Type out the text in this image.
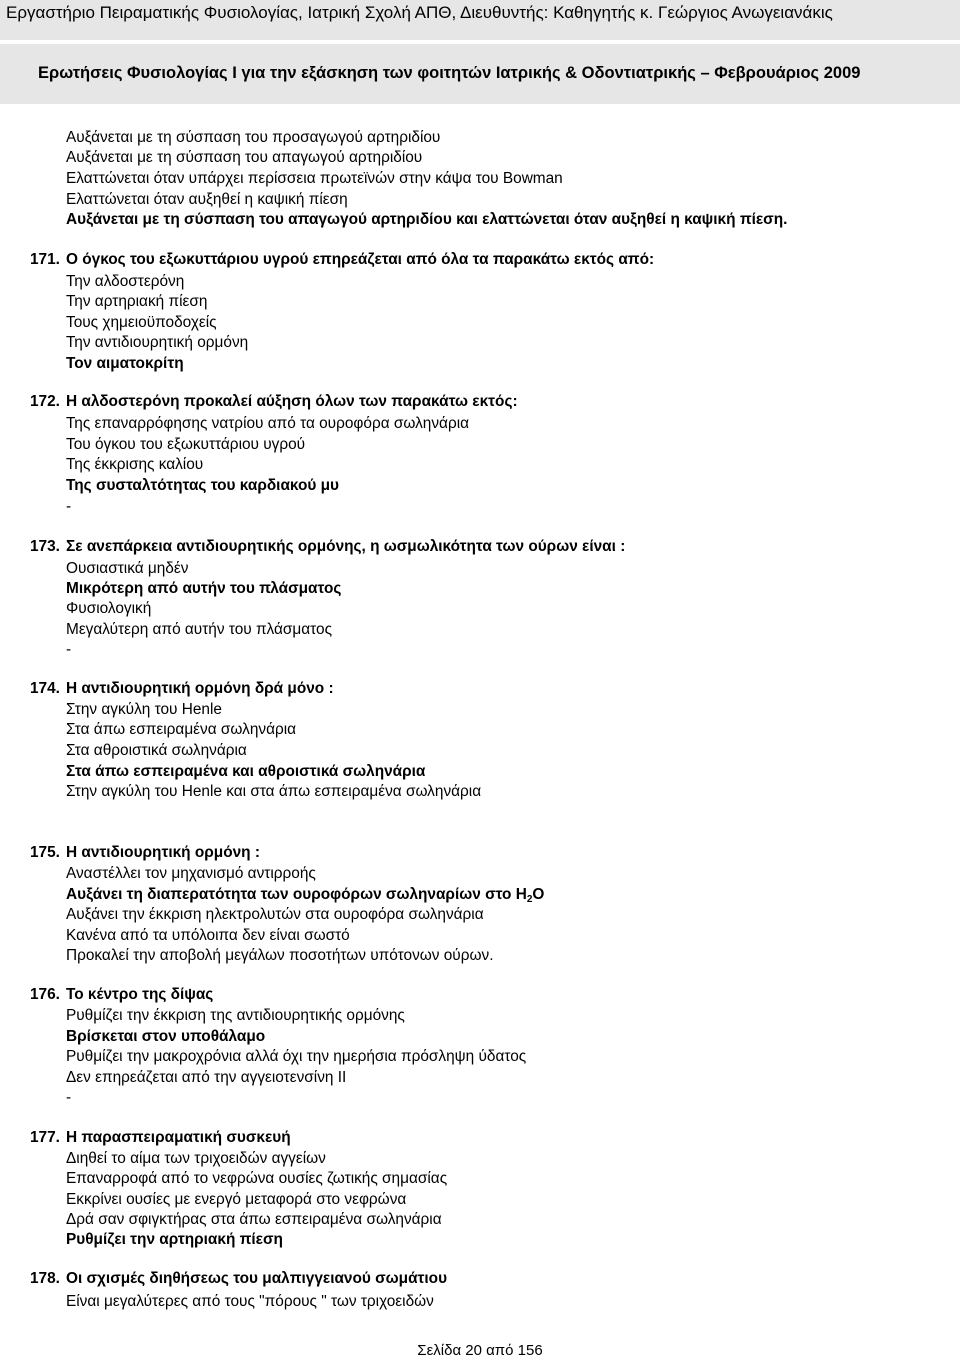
Εργαστήριο Πειραματικής Φυσιολογίας, Ιατρική Σχολή ΑΠΘ, Διευθυντής: Καθηγητής κ. Γεώργιος Ανωγειανάκις
Ερωτήσεις Φυσιολογίας Ι για την εξάσκηση των φοιτητών Ιατρικής & Οδοντιατρικής – Φεβρουάριος 2009
Σελίδα 20 από 156
Αυξάνεται με τη σύσπαση του προσαγωγού αρτηριδίου
Αυξάνεται με τη σύσπαση του απαγωγού αρτηριδίου
Ελαττώνεται όταν υπάρχει περίσσεια πρωτεϊνών στην κάψα του Bowman
Ελαττώνεται όταν αυξηθεί η καψική πίεση
Αυξάνεται με τη σύσπαση του απαγωγού αρτηριδίου και ελαττώνεται όταν αυξηθεί η καψική πίεση.
171. Ο όγκος του εξωκυττάριου υγρού επηρεάζεται από όλα τα παρακάτω εκτός από:
Την αλδοστερόνη
Την αρτηριακή πίεση
Τους χημειοϋποδοχείς
Την αντιδιουρητική ορμόνη
Τον αιματοκρίτη
172. Η αλδοστερόνη προκαλεί αύξηση όλων των παρακάτω εκτός:
Της επαναρρόφησης νατρίου από τα ουροφόρα σωληνάρια
Του όγκου του εξωκυττάριου υγρού
Της έκκρισης καλίου
Της συσταλτότητας του καρδιακού μυ
-
173. Σε ανεπάρκεια αντιδιουρητικής ορμόνης, η ωσμωλικότητα των ούρων είναι :
Ουσιαστικά μηδέν
Μικρότερη από αυτήν του πλάσματος
Φυσιολογική
Μεγαλύτερη από αυτήν του πλάσματος
-
174. Η αντιδιουρητική ορμόνη δρά μόνο :
Στην αγκύλη του Henle
Στα άπω εσπειραμένα σωληνάρια
Στα αθροιστικά σωληνάρια
Στα άπω εσπειραμένα και αθροιστικά σωληνάρια
Στην αγκύλη του Henle και στα άπω εσπειραμένα σωληνάρια
175. Η αντιδιουρητική ορμόνη :
Αναστέλλει τον μηχανισμό αντιρροής
Αυξάνει τη διαπερατότητα των ουροφόρων σωληναρίων στο Η2Ο
Αυξάνει την έκκριση ηλεκτρολυτών στα ουροφόρα σωληνάρια
Κανένα από τα υπόλοιπα δεν είναι σωστό
Προκαλεί την αποβολή μεγάλων ποσοτήτων υπότονων ούρων.
176. Το κέντρο της δίψας
Ρυθμίζει την έκκριση της αντιδιουρητικής ορμόνης
Βρίσκεται στον υποθάλαμο
Ρυθμίζει την μακροχρόνια αλλά όχι την ημερήσια πρόσληψη ύδατος
Δεν επηρεάζεται από την αγγειοτενσίνη ΙΙ
-
177. Η παρασπειραματική συσκευή
Διηθεί το αίμα των τριχοειδών αγγείων
Επαναρροφά από το νεφρώνα ουσίες ζωτικής σημασίας
Εκκρίνει ουσίες με ενεργό μεταφορά στο νεφρώνα
Δρά σαν σφιγκτήρας στα άπω εσπειραμένα σωληνάρια
Ρυθμίζει την αρτηριακή πίεση
178. Οι σχισμές διηθήσεως του μαλπιγγειανού σωμάτιου
Είναι μεγαλύτερες από τους "πόρους " των τριχοειδών
